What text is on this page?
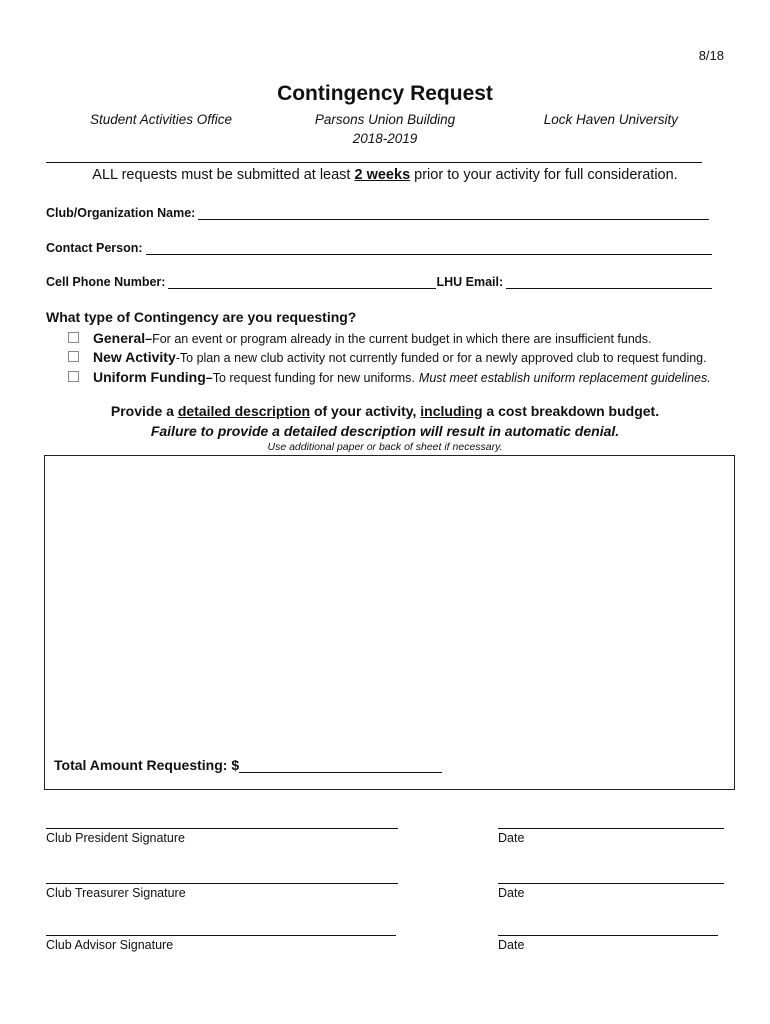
8/18
Contingency Request
Student Activities Office	Parsons Union Building	Lock Haven University
2018-2019
ALL requests must be submitted at least 2 weeks prior to your activity for full consideration.
Club/Organization Name:
Contact Person:
Cell Phone Number:	LHU Email:
What type of Contingency are you requesting?
General – For an event or program already in the current budget in which there are insufficient funds.
New Activity - To plan a new club activity not currently funded or for a newly approved club to request funding.
Uniform Funding – To request funding for new uniforms. Must meet establish uniform replacement guidelines.
Provide a detailed description of your activity, including a cost breakdown budget.
Failure to provide a detailed description will result in automatic denial.
Use additional paper or back of sheet if necessary.
Total Amount Requesting: $
Club President Signature	Date
Club Treasurer Signature	Date
Club Advisor Signature	Date
